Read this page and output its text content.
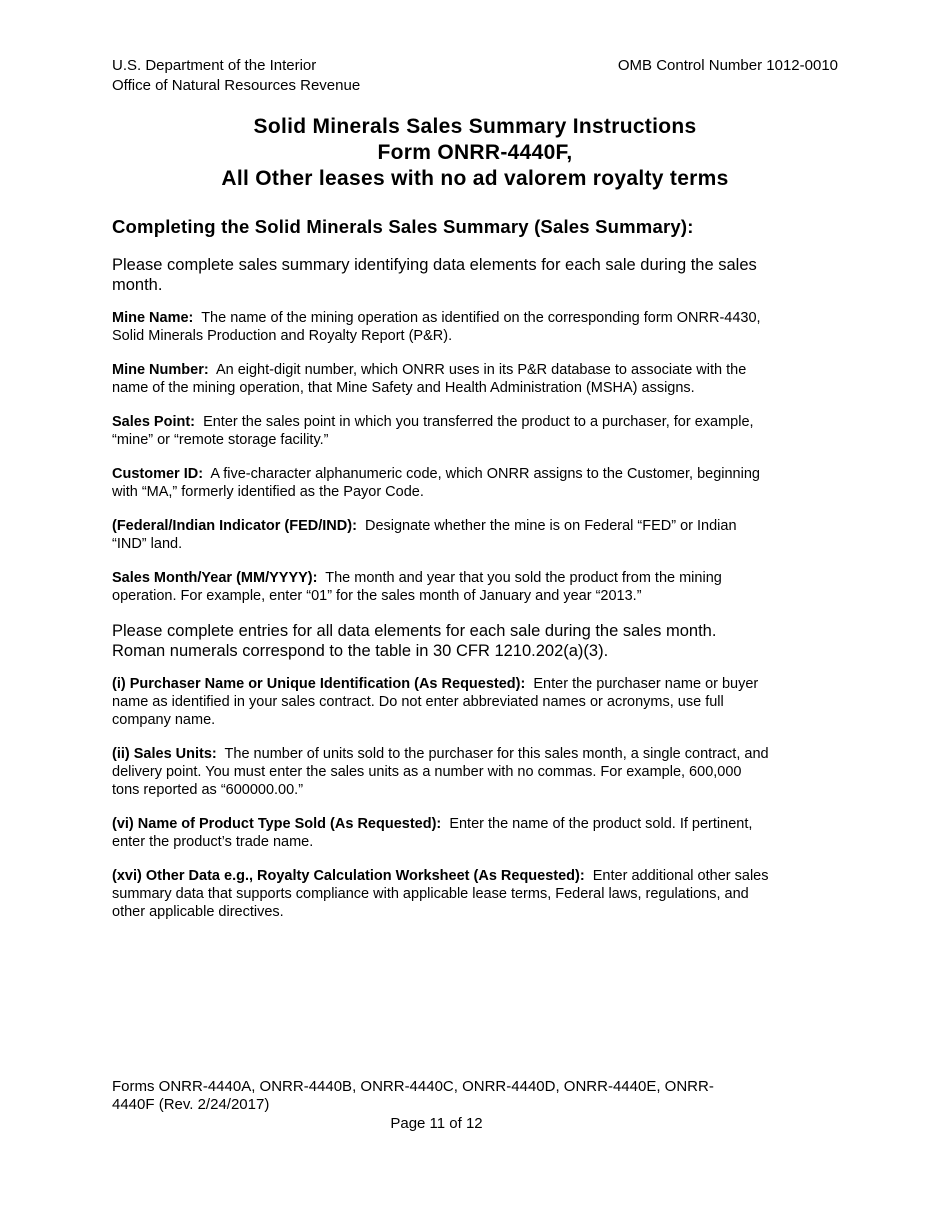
U.S. Department of the Interior
Office of Natural Resources Revenue
OMB Control Number 1012-0010
Solid Minerals Sales Summary Instructions
Form ONRR-4440F,
All Other leases with no ad valorem royalty terms
Completing the Solid Minerals Sales Summary (Sales Summary):
Please complete sales summary identifying data elements for each sale during the sales month.
Mine Name: The name of the mining operation as identified on the corresponding form ONRR-4430, Solid Minerals Production and Royalty Report (P&R).
Mine Number: An eight-digit number, which ONRR uses in its P&R database to associate with the name of the mining operation, that Mine Safety and Health Administration (MSHA) assigns.
Sales Point: Enter the sales point in which you transferred the product to a purchaser, for example, “mine” or “remote storage facility.”
Customer ID: A five-character alphanumeric code, which ONRR assigns to the Customer, beginning with “MA,” formerly identified as the Payor Code.
(Federal/Indian Indicator (FED/IND): Designate whether the mine is on Federal “FED” or Indian “IND” land.
Sales Month/Year (MM/YYYY): The month and year that you sold the product from the mining operation. For example, enter “01” for the sales month of January and year “2013.”
Please complete entries for all data elements for each sale during the sales month. Roman numerals correspond to the table in 30 CFR 1210.202(a)(3).
(i) Purchaser Name or Unique Identification (As Requested): Enter the purchaser name or buyer name as identified in your sales contract. Do not enter abbreviated names or acronyms, use full company name.
(ii) Sales Units: The number of units sold to the purchaser for this sales month, a single contract, and delivery point. You must enter the sales units as a number with no commas. For example, 600,000 tons reported as “600000.00.”
(vi) Name of Product Type Sold (As Requested): Enter the name of the product sold. If pertinent, enter the product’s trade name.
(xvi) Other Data e.g., Royalty Calculation Worksheet (As Requested): Enter additional other sales summary data that supports compliance with applicable lease terms, Federal laws, regulations, and other applicable directives.
Forms ONRR-4440A, ONRR-4440B, ONRR-4440C, ONRR-4440D, ONRR-4440E, ONRR-4440F (Rev. 2/24/2017)
Page 11 of 12
